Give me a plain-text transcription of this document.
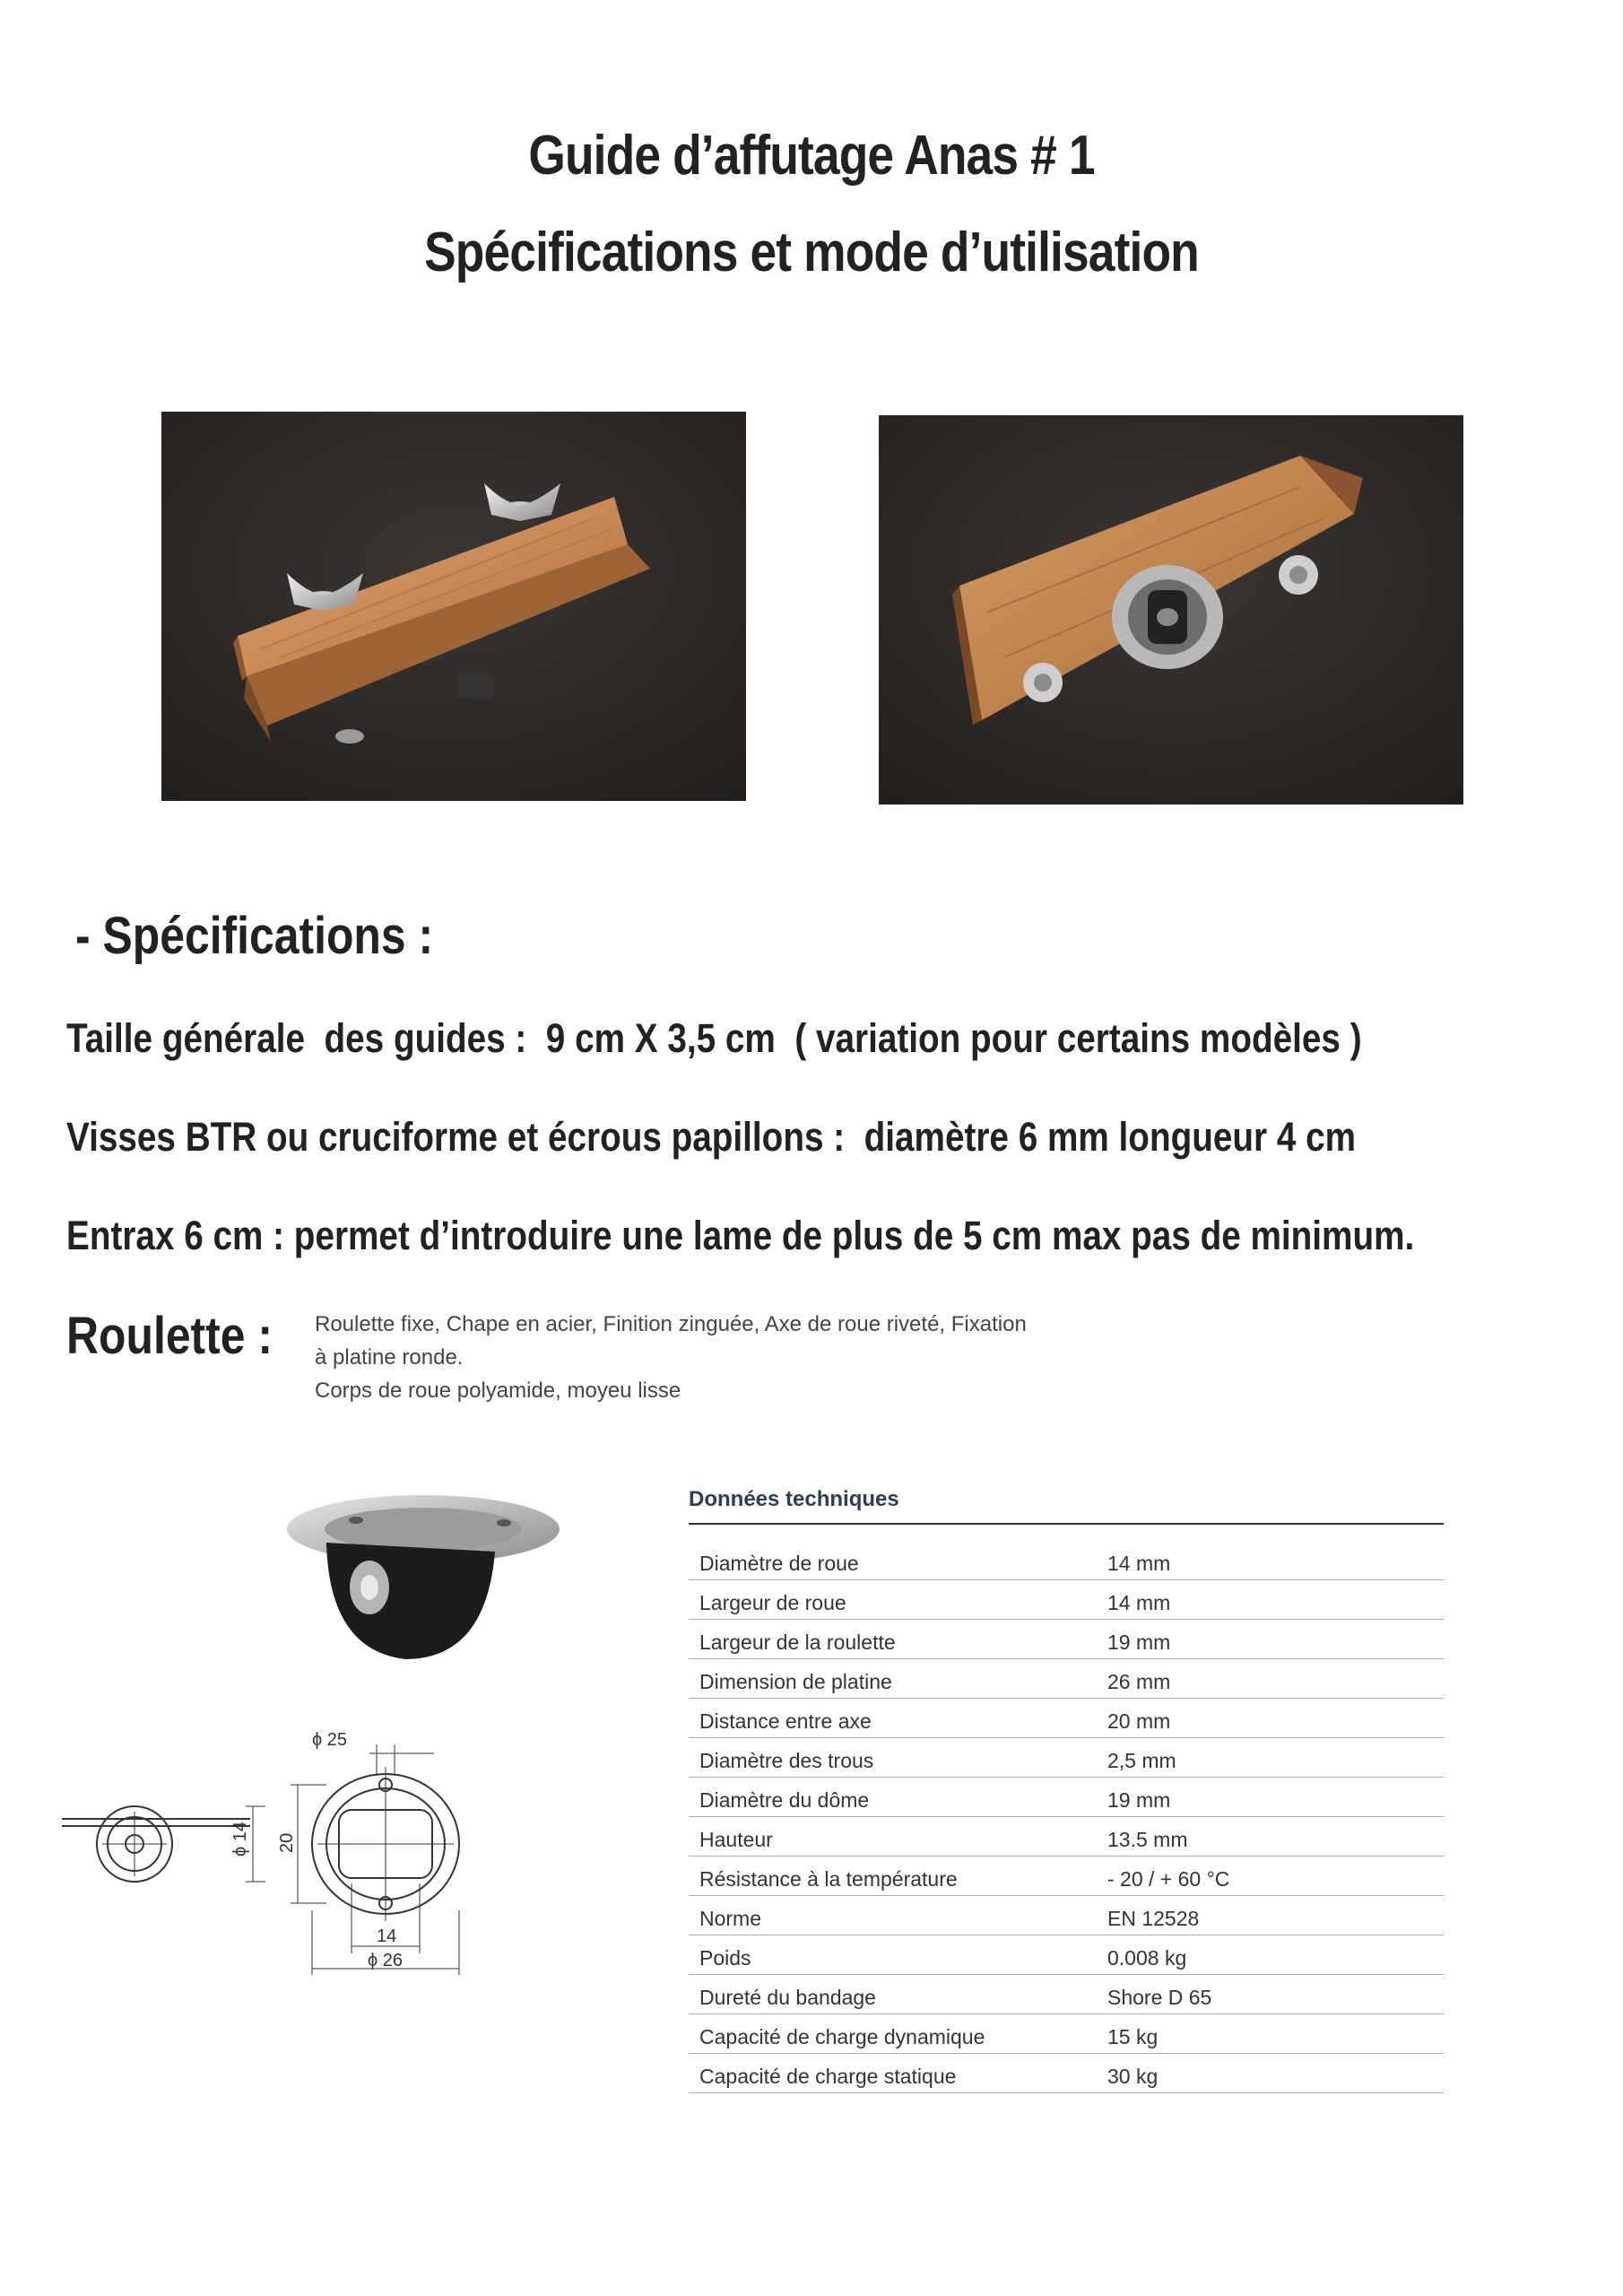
Guide d’affutage Anas # 1
Spécifications et mode d’utilisation
- Spécifications :
Taille générale  des guides :  9 cm X 3,5 cm  ( variation pour certains modèles )
Visses BTR ou cruciforme et écrous papillons :  diamètre 6 mm longueur 4 cm
Entrax 6 cm : permet d’introduire une lame de plus de 5 cm max pas de minimum.
Roulette : Roulette fixe, Chape en acier, Finition zinguée, Axe de roue riveté, Fixation
à platine ronde.
Corps de roue polyamide, moyeu lisse
ϕ 25
ϕ 14 20
14
ϕ 26
Données techniques
Diamètre de roue	14 mm
Largeur de roue	14 mm
Largeur de la roulette	19 mm
Dimension de platine	26 mm
Distance entre axe	20 mm
Diamètre des trous	2,5 mm
Diamètre du dôme	19 mm
Hauteur	13.5 mm
Résistance à la température	- 20 / + 60 °C
Norme	EN 12528
Poids	0.008 kg
Dureté du bandage	Shore D 65
Capacité de charge dynamique	15 kg
Capacité de charge statique	30 kg
